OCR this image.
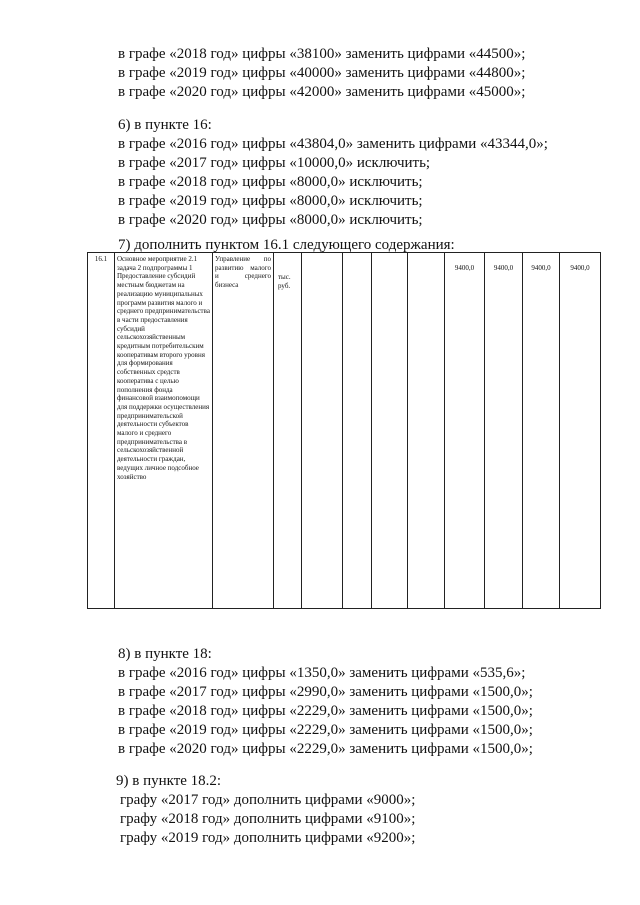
в графе «2018 год» цифры «38100» заменить цифрами «44500»;
в графе «2019 год» цифры «40000» заменить цифрами «44800»;
в графе «2020 год» цифры «42000» заменить цифрами «45000»;
6) в пункте 16:
в графе «2016 год» цифры «43804,0» заменить цифрами «43344,0»;
в графе «2017 год» цифры «10000,0» исключить;
в графе «2018 год» цифры «8000,0» исключить;
в графе «2019 год» цифры «8000,0» исключить;
в графе «2020 год» цифры «8000,0» исключить;
7) дополнить пунктом 16.1 следующего содержания:
16.1	Основное мероприятие 2.1 задача 2 подпрограммы 1 Предоставление субсидий местным бюджетам на реализацию муниципальных программ развития малого и среднего предпринимательства в части предоставления субсидий сельскохозяйственным кредитным потребительским кооперативам второго уровня для формирования собственных средств кооператива с целью пополнения фонда финансовой взаимопомощи для поддержки осуществления предпринимательской деятельности субъектов малого и среднего предпринимательства в сельскохозяйственной деятельности граждан, ведущих личное подсобное хозяйство	Управление по развитию малого и среднего бизнеса	тыс. руб.					9400,0	9400,0	9400,0	9400,0
8) в пункте 18:
в графе «2016 год» цифры «1350,0» заменить цифрами «535,6»;
в графе «2017 год» цифры «2990,0» заменить цифрами «1500,0»;
в графе «2018 год» цифры «2229,0» заменить цифрами «1500,0»;
в графе «2019 год» цифры «2229,0» заменить цифрами «1500,0»;
в графе «2020 год» цифры «2229,0» заменить цифрами «1500,0»;
9) в пункте 18.2:
графу «2017 год» дополнить цифрами «9000»;
графу «2018 год» дополнить цифрами «9100»;
графу «2019 год» дополнить цифрами «9200»;
